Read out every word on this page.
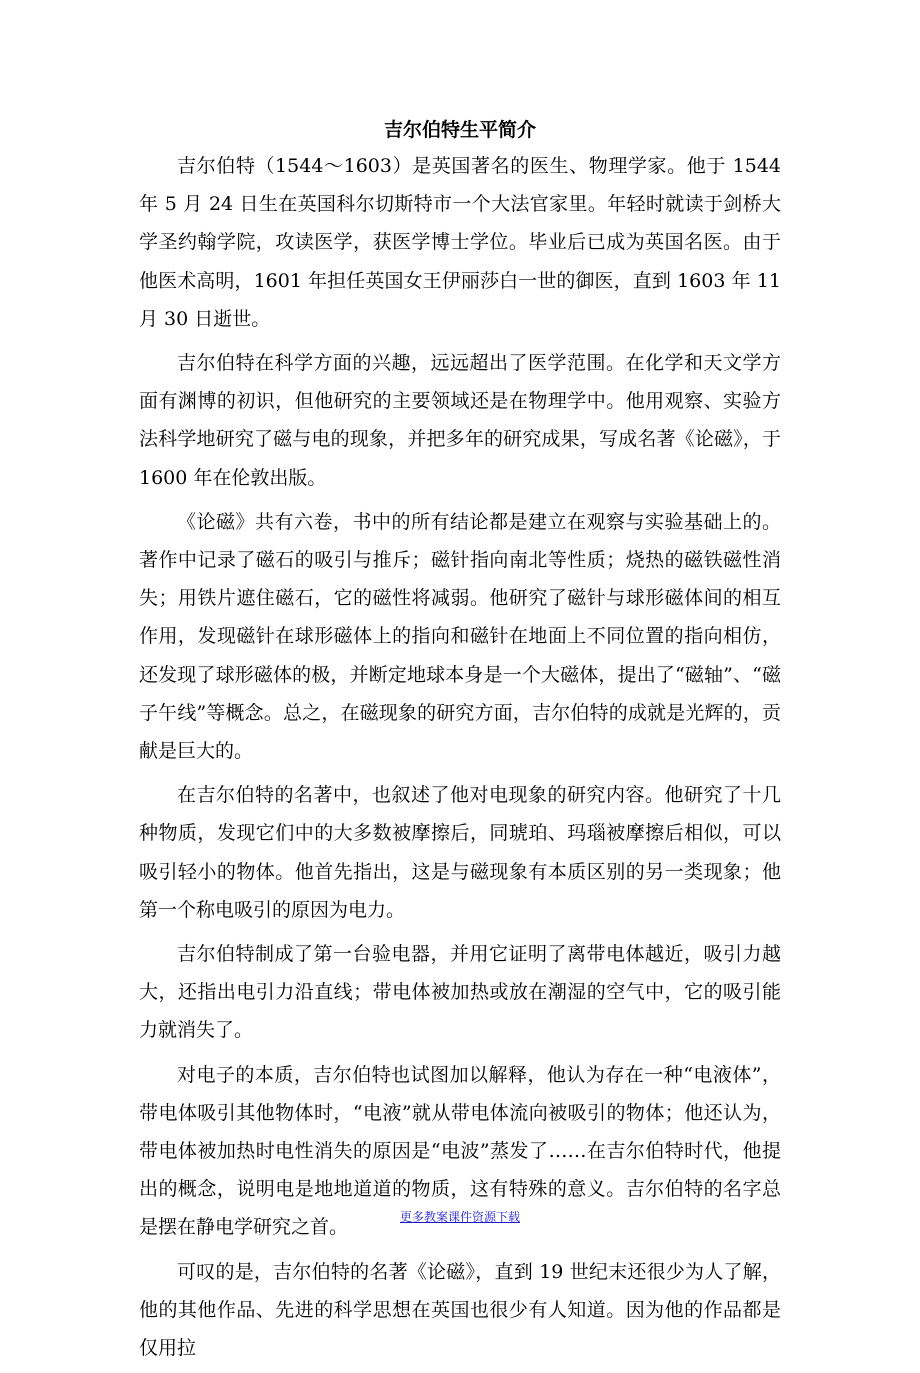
吉尔伯特生平简介

吉尔伯特（1544～1603）是英国著名的医生、物理学家。他于 1544 年 5 月 24 日生在英国科尔切斯特市一个大法官家里。年轻时就读于剑桥大学圣约翰学院，攻读医学，获医学博士学位。毕业后已成为英国名医。由于他医术高明，1601 年担任英国女王伊丽莎白一世的御医，直到 1603 年 11 月 30 日逝世。

吉尔伯特在科学方面的兴趣，远远超出了医学范围。在化学和天文学方面有渊博的初识，但他研究的主要领域还是在物理学中。他用观察、实验方法科学地研究了磁与电的现象，并把多年的研究成果，写成名著《论磁》，于 1600 年在伦敦出版。

《论磁》共有六卷，书中的所有结论都是建立在观察与实验基础上的。著作中记录了磁石的吸引与推斥；磁针指向南北等性质；烧热的磁铁磁性消失；用铁片遮住磁石，它的磁性将减弱。他研究了磁针与球形磁体间的相互作用，发现磁针在球形磁体上的指向和磁针在地面上不同位置的指向相仿，还发现了球形磁体的极，并断定地球本身是一个大磁体，提出了“磁轴”、“磁子午线”等概念。总之，在磁现象的研究方面，吉尔伯特的成就是光辉的，贡献是巨大的。

在吉尔伯特的名著中，也叙述了他对电现象的研究内容。他研究了十几种物质，发现它们中的大多数被摩擦后，同琥珀、玛瑙被摩擦后相似，可以吸引轻小的物体。他首先指出，这是与磁现象有本质区别的另一类现象；他第一个称电吸引的原因为电力。

吉尔伯特制成了第一台验电器，并用它证明了离带电体越近，吸引力越大，还指出电引力沿直线；带电体被加热或放在潮湿的空气中，它的吸引能力就消失了。

对电子的本质，吉尔伯特也试图加以解释，他认为存在一种“电液体”，带电体吸引其他物体时，“电液”就从带电体流向被吸引的物体；他还认为，带电体被加热时电性消失的原因是“电波”蒸发了……在吉尔伯特时代，他提出的概念，说明电是地地道道的物质，这有特殊的意义。吉尔伯特的名字总是摆在静电学研究之首。

可叹的是，吉尔伯特的名著《论磁》，直到 19 世纪末还很少为人了解，他的其他作品、先进的科学思想在英国也很少有人知道。因为他的作品都是仅用拉

更多教案课件资源下载
